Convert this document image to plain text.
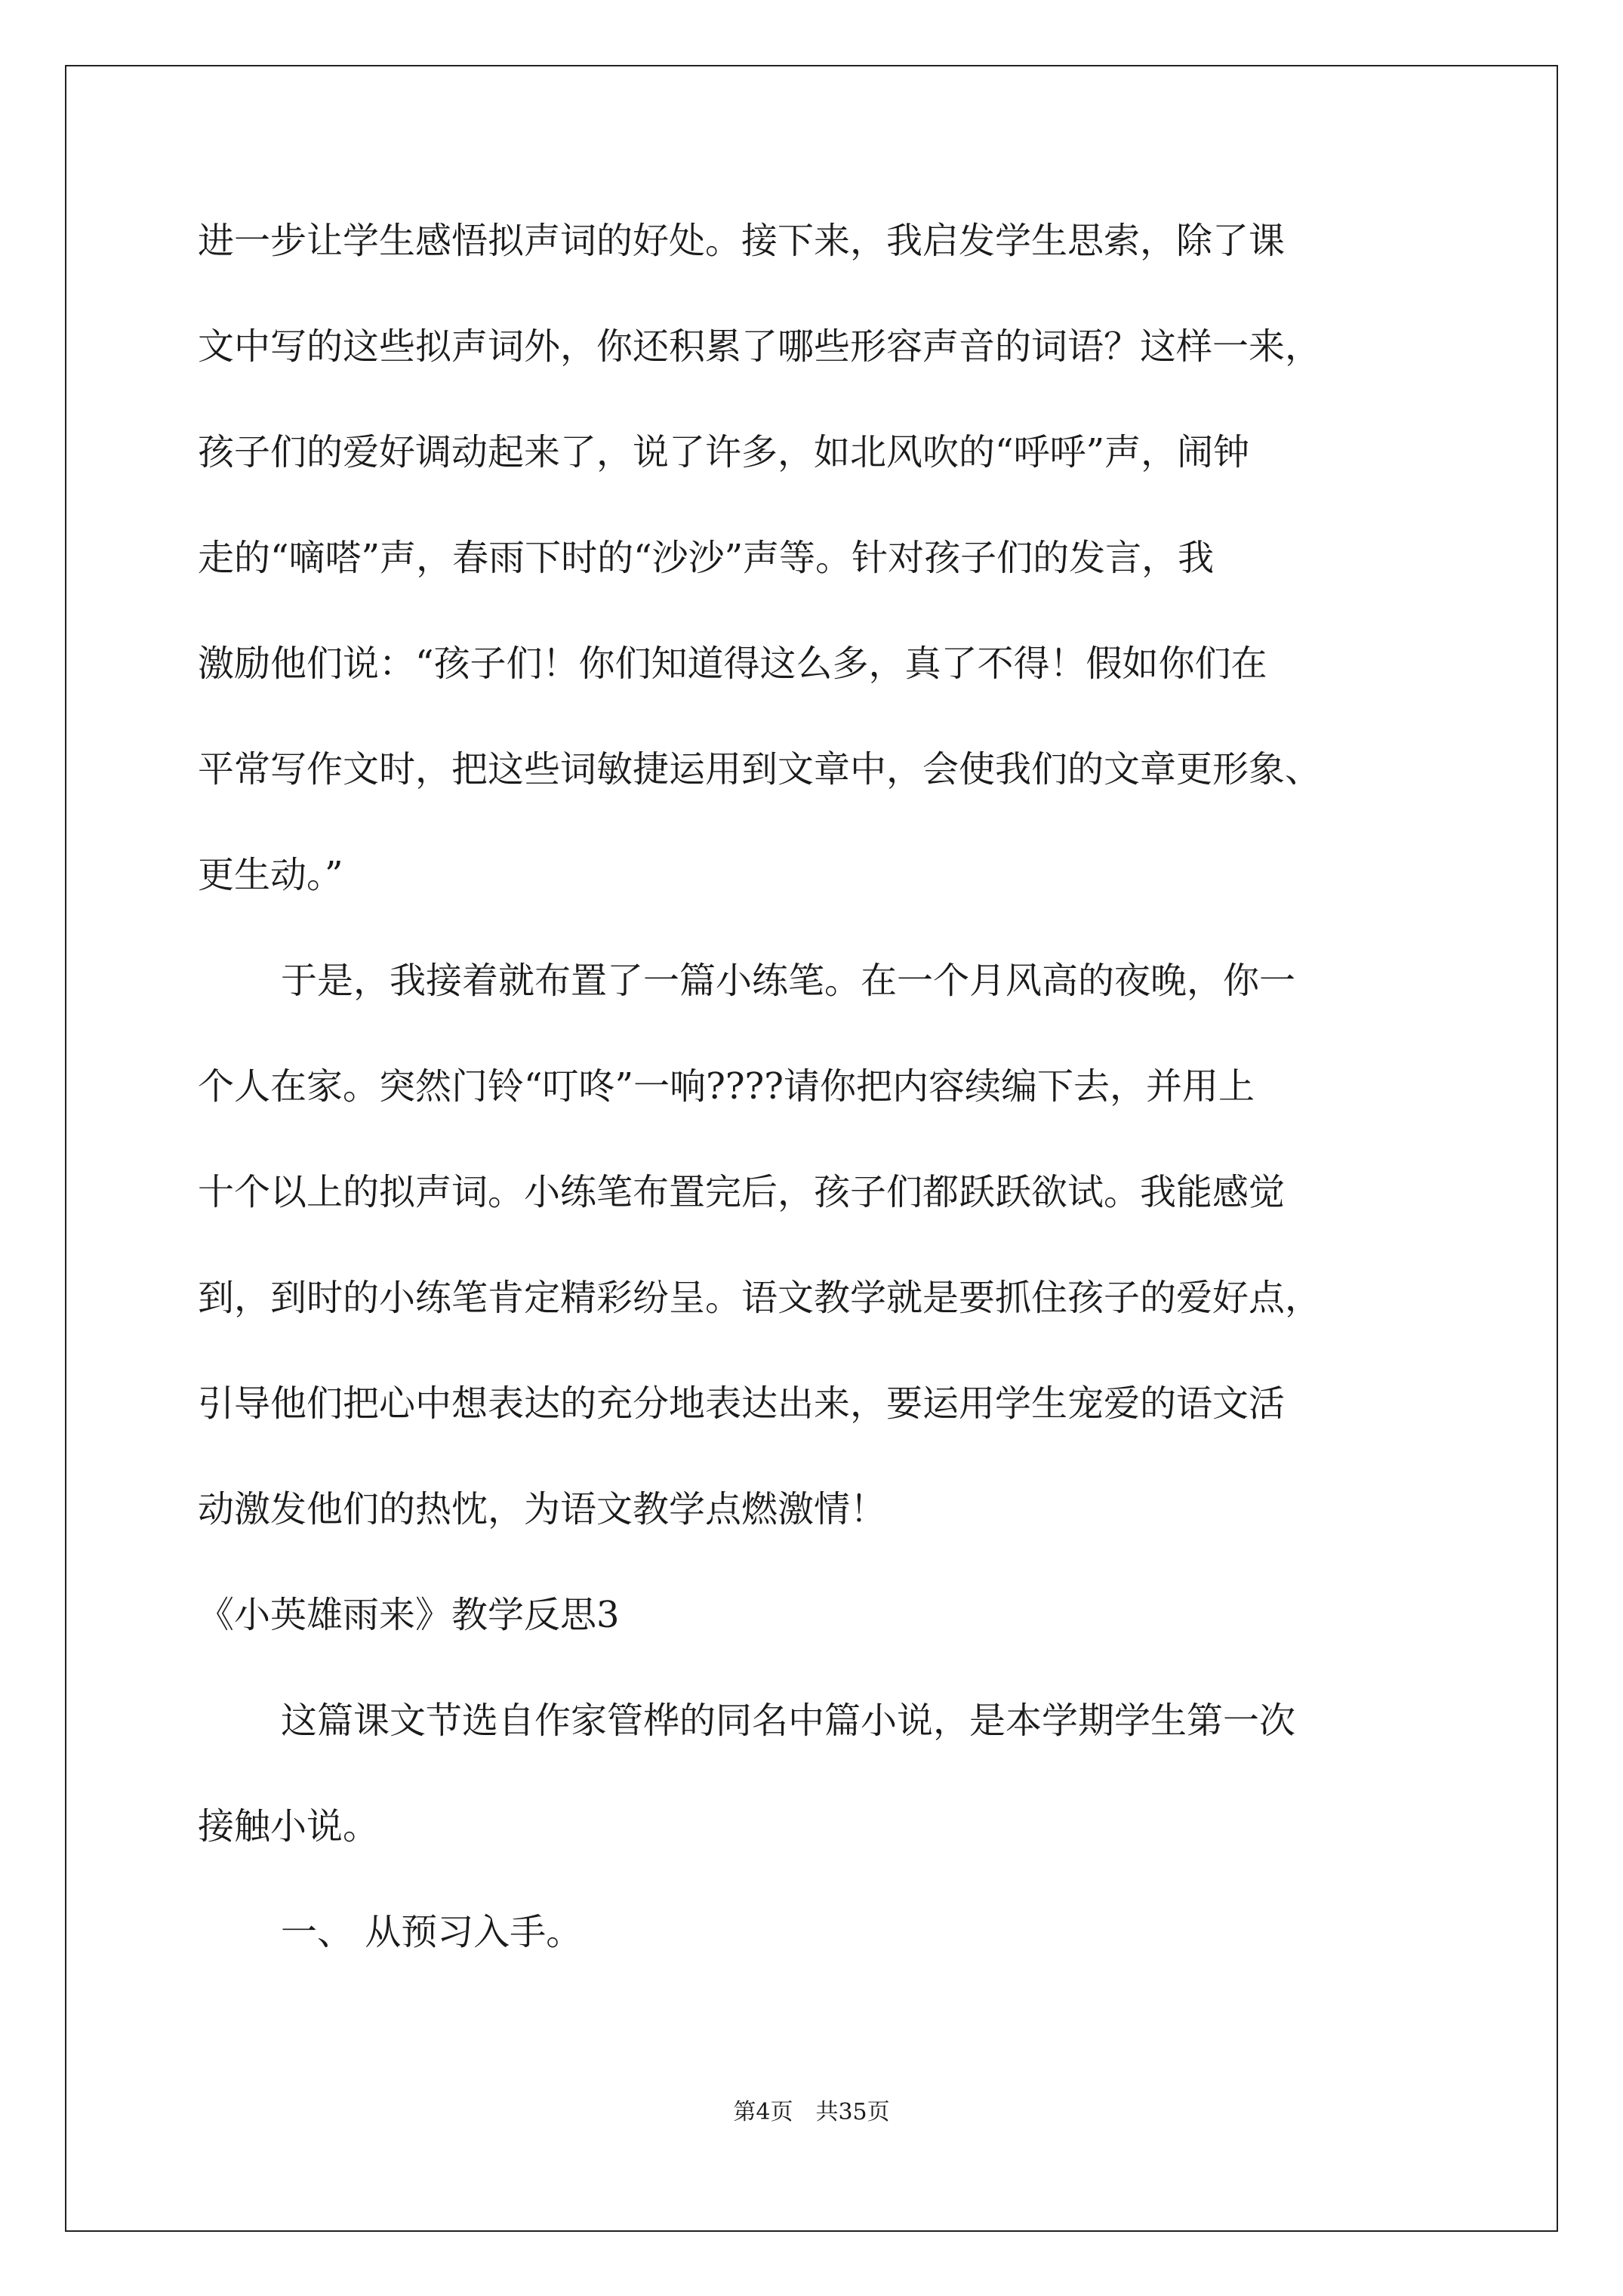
进一步让学生感悟拟声词的好处。接下来，我启发学生思索，除了课
文中写的这些拟声词外，你还积累了哪些形容声音的词语？这样一来，
孩子们的爱好调动起来了，说了许多，如北风吹的“呼呼”声，闹钟
走的“嘀嗒”声，春雨下时的“沙沙”声等。针对孩子们的发言，我
激励他们说：“孩子们！你们知道得这么多，真了不得！假如你们在
平常写作文时，把这些词敏捷运用到文章中，会使我们的文章更形象、
更生动。”
于是，我接着就布置了一篇小练笔。在一个月风高的夜晚，你一
个人在家。突然门铃“叮咚”一响????请你把内容续编下去，并用上
十个以上的拟声词。小练笔布置完后，孩子们都跃跃欲试。我能感觉
到，到时的小练笔肯定精彩纷呈。语文教学就是要抓住孩子的爱好点，
引导他们把心中想表达的充分地表达出来，要运用学生宠爱的语文活
动激发他们的热忱，为语文教学点燃激情！
《小英雄雨来》教学反思3
这篇课文节选自作家管桦的同名中篇小说，是本学期学生第一次
接触小说。
一、 从预习入手。
第4页　共35页
